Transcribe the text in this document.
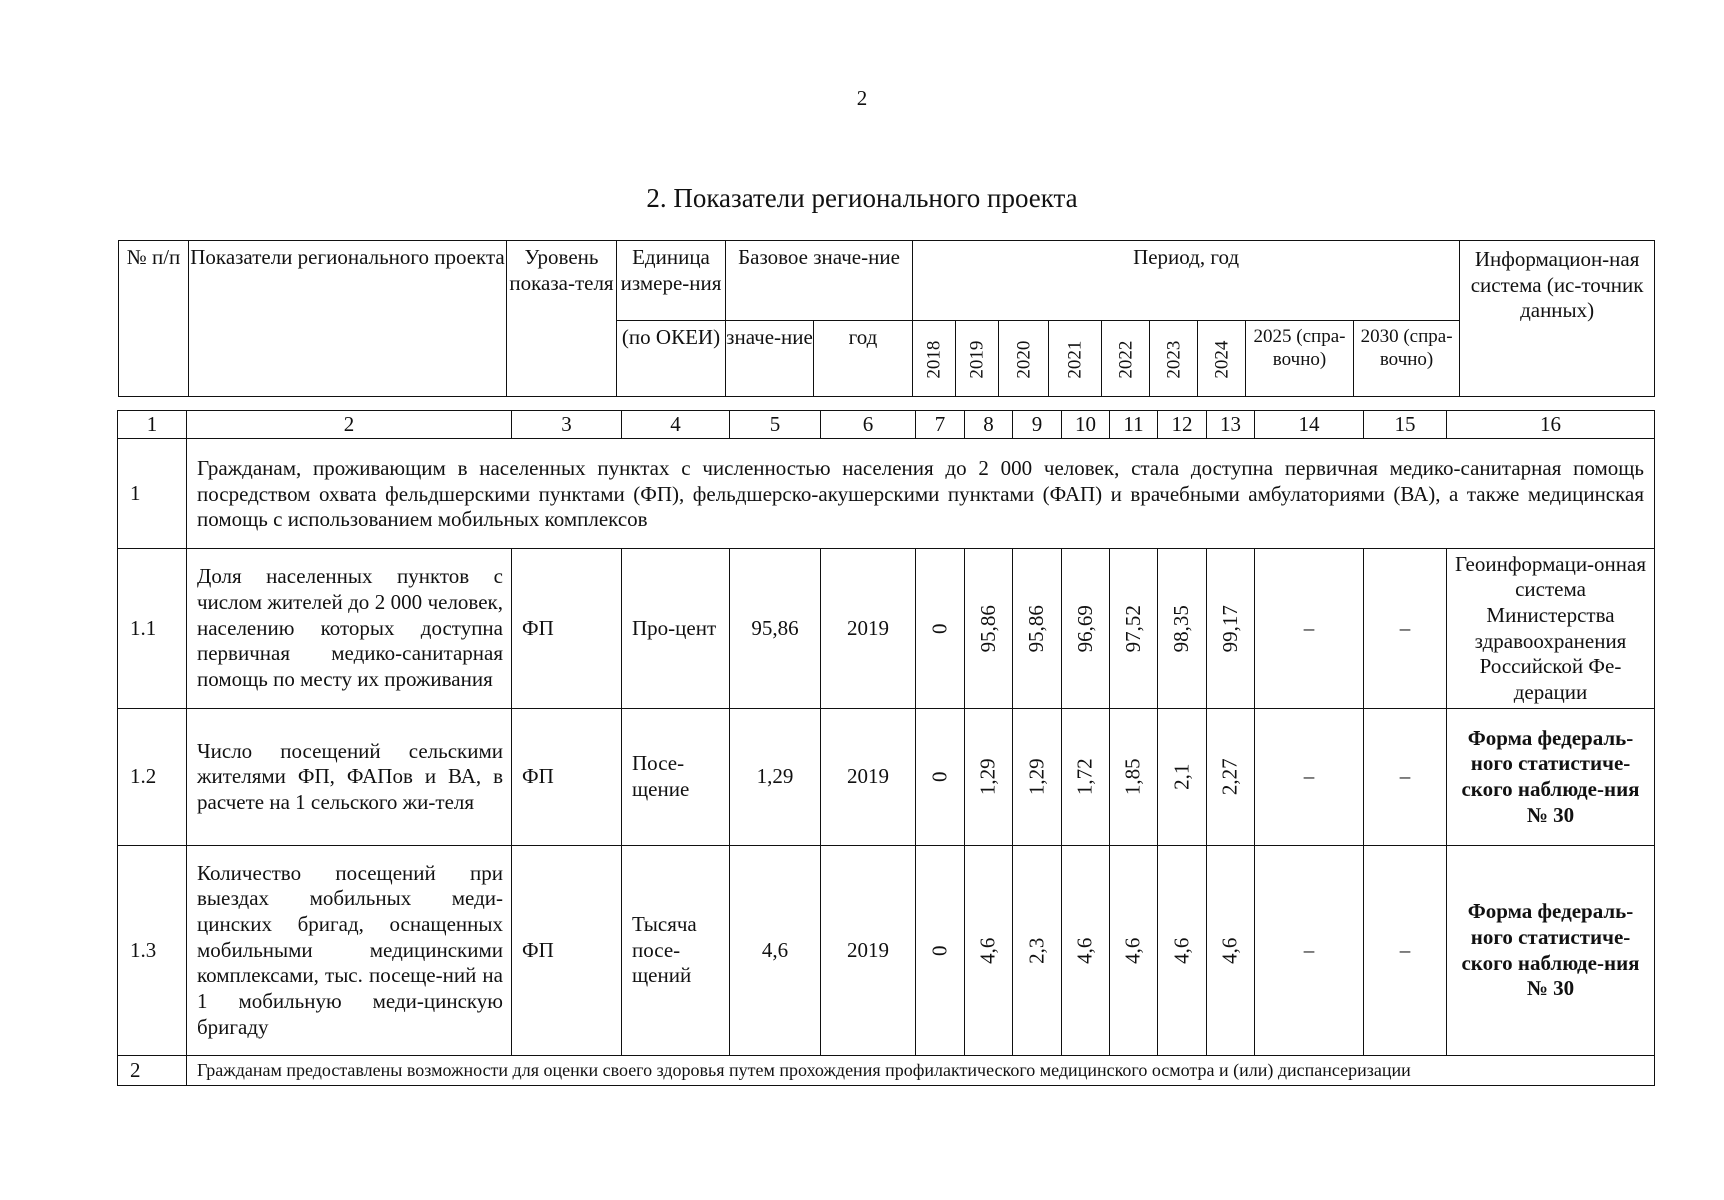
2
2. Показатели регионального проекта
№ п/п	Показатели регионального проекта	Уровень показа-теля	Единица измере-ния	Базовое значе-ние		Период, год									Информацион-ная система (ис-точник данных)
			(по ОКЕИ)	значе-ние	год	2018	2019	2020	2021	2022	2023	2024	2025 (спра-вочно)	2030 (спра-вочно)	
1	2	3	4	5	6	7	8	9	10	11	12	13	14	15	16
1	Гражданам, проживающим в населенных пунктах с численностью населения до 2 000 человек, стала доступна первичная медико-санитарная помощь посредством охвата фельдшерскими пунктами (ФП), фельдшерско-акушерскими пунктами (ФАП) и врачебными амбулаториями (ВА), а также медицинская помощь с использованием мобильных комплексов														
1.1	Доля населенных пунктов с числом жителей до 2 000 человек, населению которых доступна первичная медико-санитарная помощь по месту их проживания	ФП	Про-цент	95,86	2019	0	95,86	95,86	96,69	97,52	98,35	99,17	–	–	Геоинформаци-онная система Министерства здравоохранения Российской Фе-дерации
1.2	Число посещений сельскими жителями ФП, ФАПов и ВА, в расчете на 1 сельского жи-теля	ФП	Посе-щение	1,29	2019	0	1,29	1,29	1,72	1,85	2,1	2,27	–	–	Форма федераль-ного статистиче-ского наблюде-ния № 30
1.3	Количество посещений при выездах мобильных меди-цинских бригад, оснащенных мобильными медицинскими комплексами, тыс. посеще-ний на 1 мобильную меди-цинскую бригаду	ФП	Тысяча посе-щений	4,6	2019	0	4,6	2,3	4,6	4,6	4,6	4,6	–	–	Форма федераль-ного статистиче-ского наблюде-ния № 30
2	Гражданам предоставлены возможности для оценки своего здоровья путем прохождения профилактического медицинского осмотра и (или) диспансеризации														
